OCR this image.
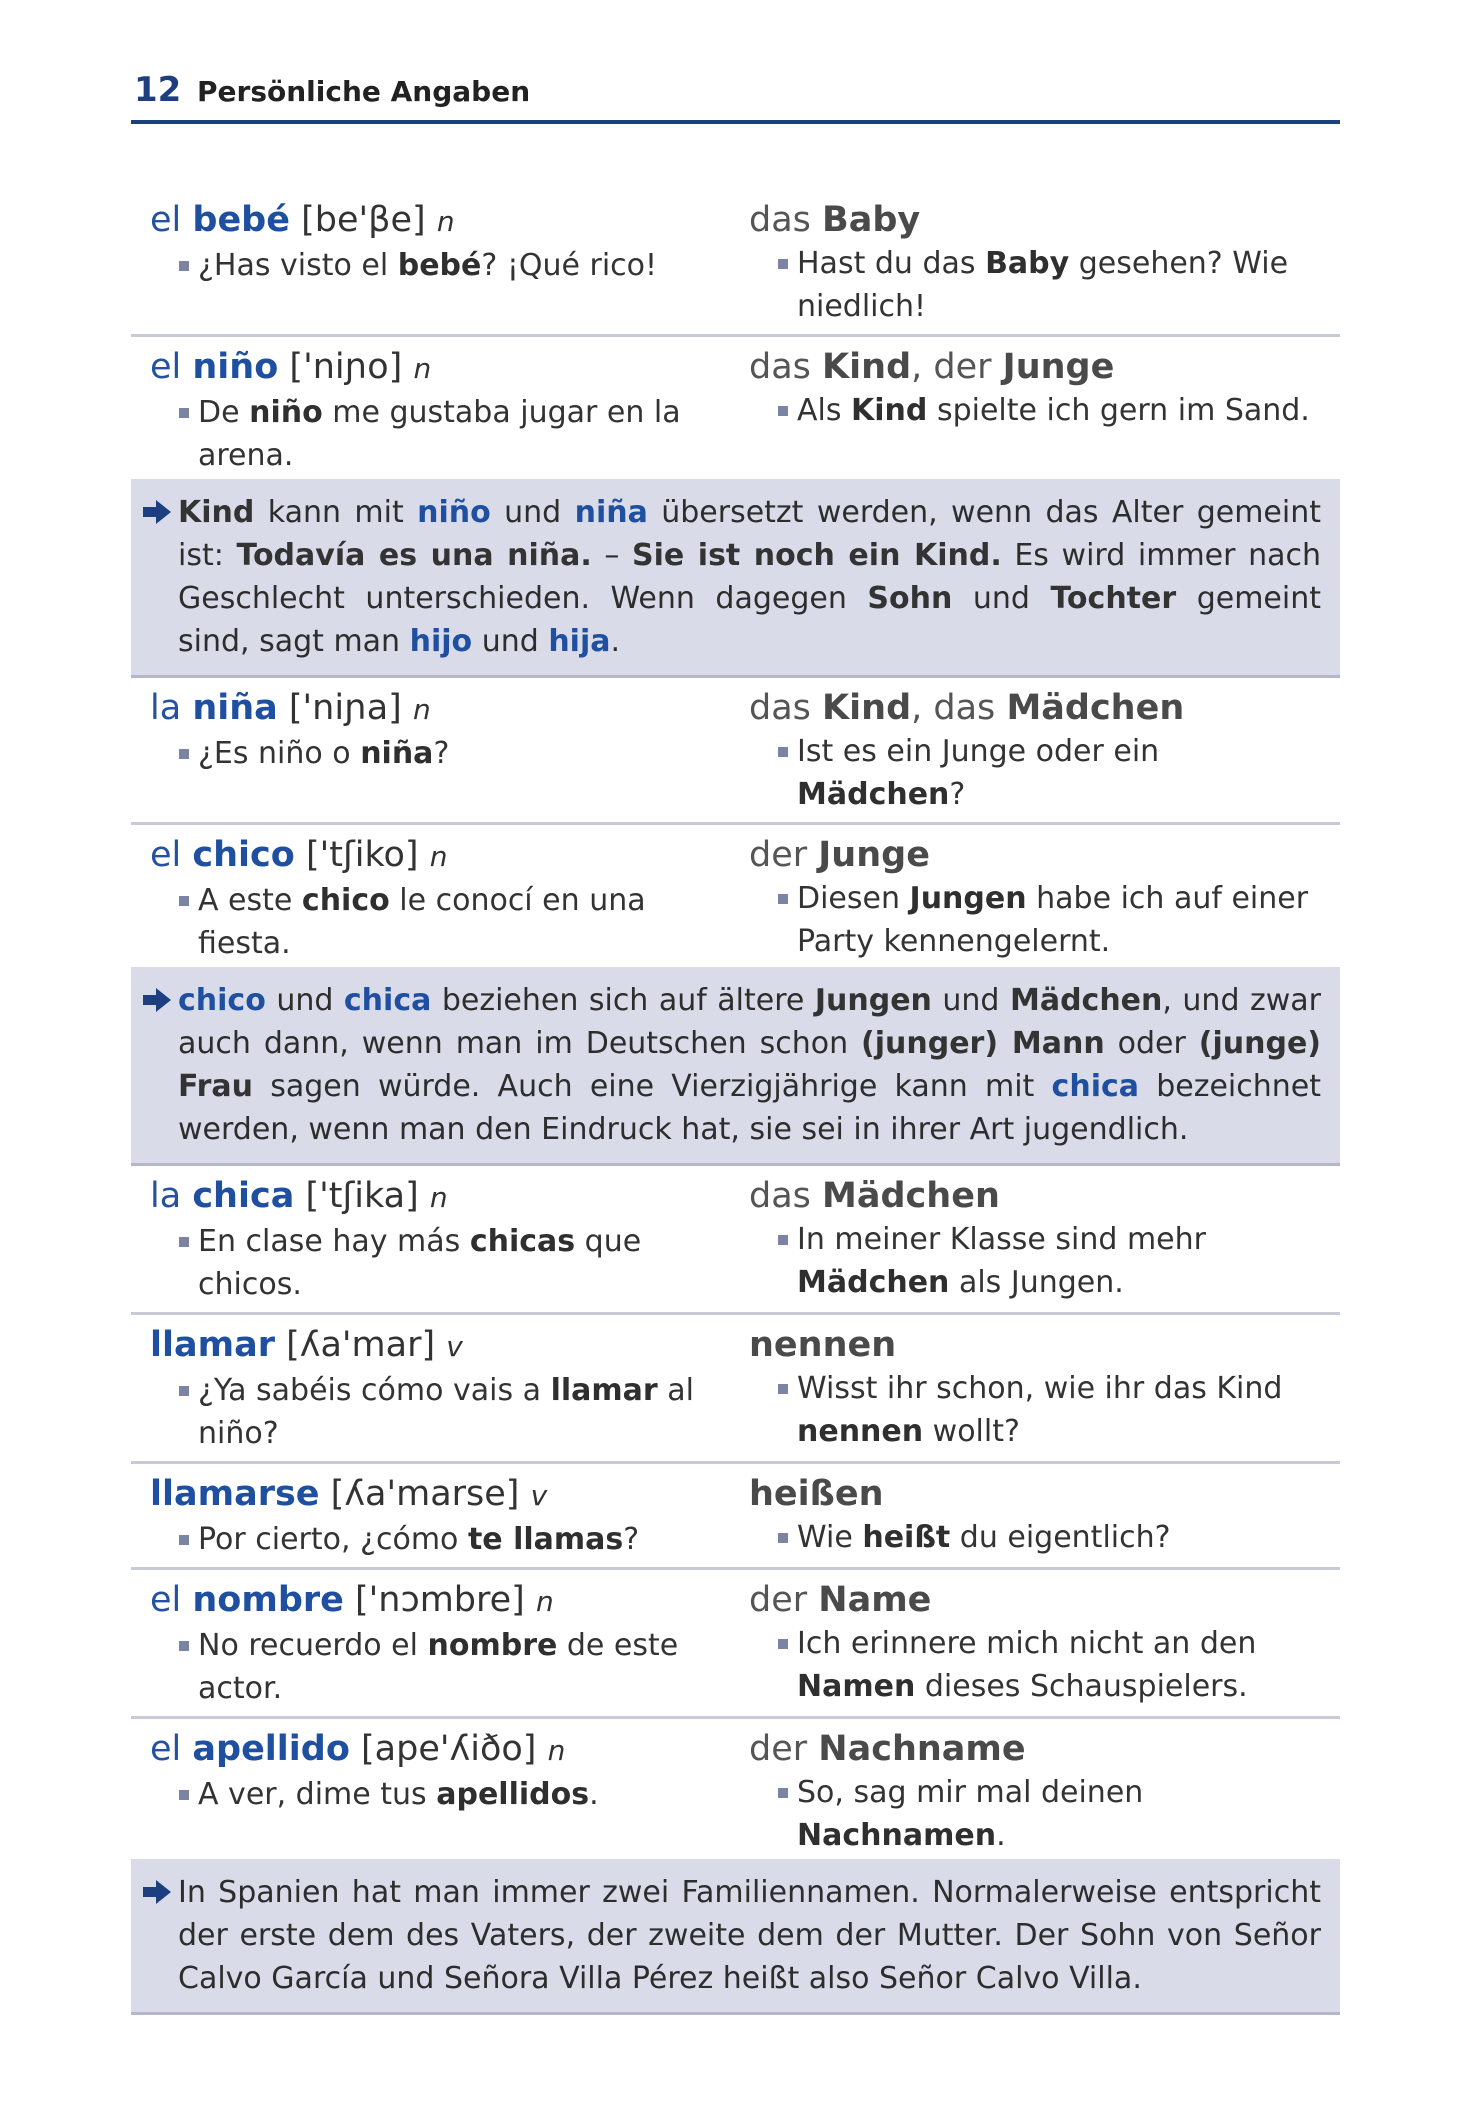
12 Persönliche Angaben
el bebé [be'βe] n
¿Has visto el bebé? ¡Qué rico!
das Baby
Hast du das Baby gesehen? Wie niedlich!
el niño ['niɲo] n
De niño me gustaba jugar en la arena.
das Kind, der Junge
Als Kind spielte ich gern im Sand.
Kind kann mit niño und niña übersetzt werden, wenn das Alter gemeint ist: Todavía es una niña. – Sie ist noch ein Kind. Es wird immer nach Geschlecht unterschieden. Wenn dagegen Sohn und Tochter gemeint sind, sagt man hijo und hija.
la niña ['niɲa] n
¿Es niño o niña?
das Kind, das Mädchen
Ist es ein Junge oder ein Mädchen?
el chico ['tʃiko] n
A este chico le conocí en una fiesta.
der Junge
Diesen Jungen habe ich auf einer Party kennengelernt.
chico und chica beziehen sich auf ältere Jungen und Mädchen, und zwar auch dann, wenn man im Deutschen schon (junger) Mann oder (junge) Frau sagen würde. Auch eine Vierzigjährige kann mit chica bezeichnet werden, wenn man den Eindruck hat, sie sei in ihrer Art jugendlich.
la chica ['tʃika] n
En clase hay más chicas que chicos.
das Mädchen
In meiner Klasse sind mehr Mädchen als Jungen.
llamar [ʎa'mar] v
¿Ya sabéis cómo vais a llamar al niño?
nennen
Wisst ihr schon, wie ihr das Kind nennen wollt?
llamarse [ʎa'marse] v
Por cierto, ¿cómo te llamas?
heißen
Wie heißt du eigentlich?
el nombre ['nɔmbre] n
No recuerdo el nombre de este actor.
der Name
Ich erinnere mich nicht an den Namen dieses Schauspielers.
el apellido [ape'ʎiðo] n
A ver, dime tus apellidos.
der Nachname
So, sag mir mal deinen Nachnamen.
In Spanien hat man immer zwei Familiennamen. Normalerweise entspricht der erste dem des Vaters, der zweite dem der Mutter. Der Sohn von Señor Calvo García und Señora Villa Pérez heißt also Señor Calvo Villa.
